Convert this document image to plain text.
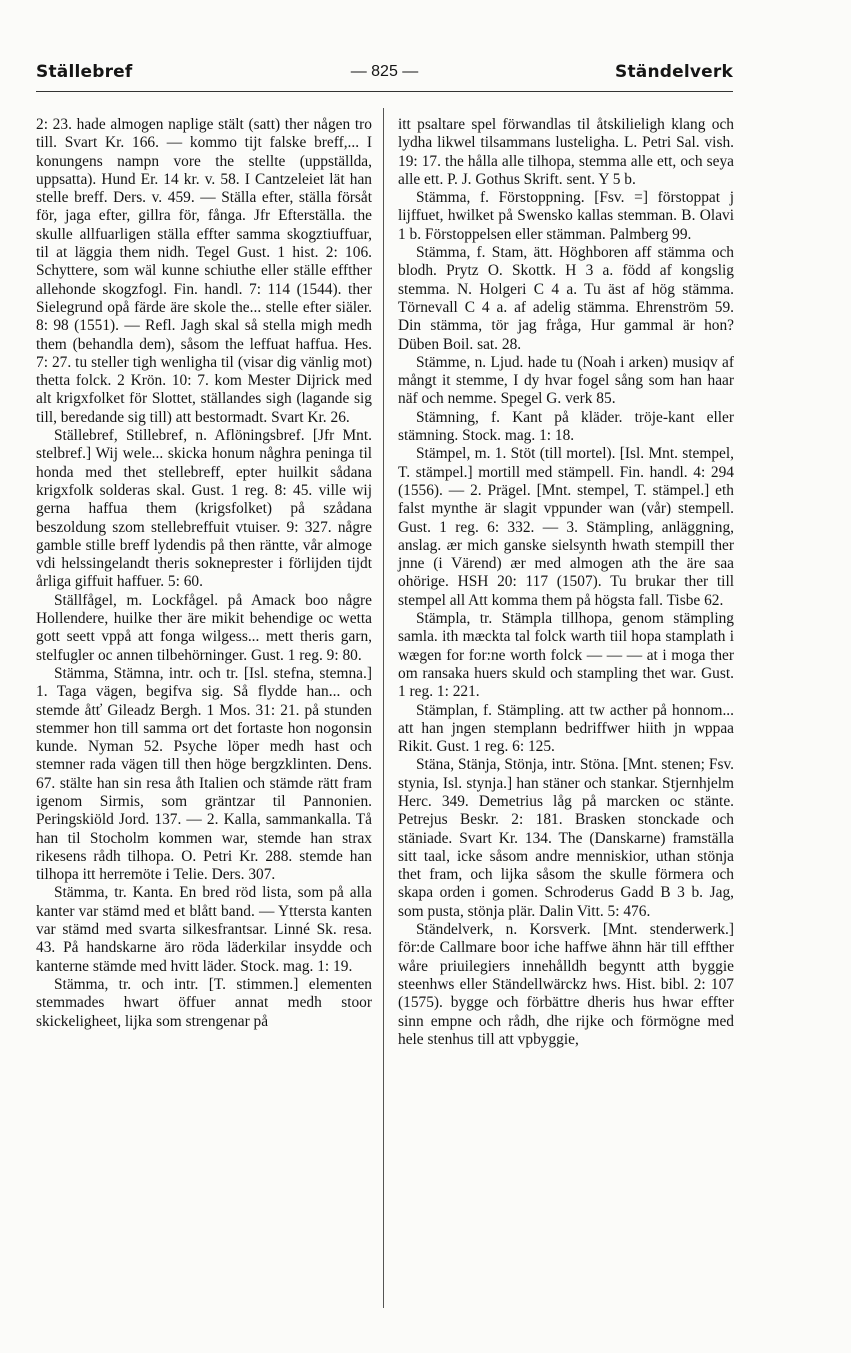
Ställebref	— 825 —	Ständelverk

2: 23. hade almogen naplige stält (satt) ther någen tro till. Svart Kr. 166. — kommo tijt falske breff,... I konungens nampn vore the stellte (uppställda, uppsatta). Hund Er. 14 kr. v. 58. I Cantzeleiet lät han stelle breff. Ders. v. 459. — Ställa efter, ställa försåt för, jaga efter, gillra för, fånga. Jfr Efterställa. the skulle allfuarligen ställa effter samma skogztiuffuar, til at läggia them nidh. Tegel Gust. 1 hist. 2: 106. Schyttere, som wäl kunne schiuthe eller ställe effther allehonde skogzfogl. Fin. handl. 7: 114 (1544). ther Sielegrund opå färde äre skole the... stelle efter siäler. 8: 98 (1551). — Refl. Jagh skal så stella migh medh them (behandla dem), såsom the leffuat haffua. Hes. 7: 27. tu steller tigh wenligha til (visar dig vänlig mot) thetta folck. 2 Krön. 10: 7. kom Mester Dijrick med alt krigxfolket för Slottet, ställandes sigh (lagande sig till, beredande sig till) att bestormadt. Svart Kr. 26.

Ställebref, Stillebref, n. Aflöningsbref. [Jfr Mnt. stelbref.] Wij wele... skicka honum någhra peninga til honda med thet stellebreff, epter huilkit sådana krigxfolk solderas skal. Gust. 1 reg. 8: 45. ville wij gerna haffua them (krigsfolket) på szådana beszoldung szom stellebreffuit vtuiser. 9: 327. någre gamble stille breff lydendis på then räntte, vår almoge vdi helssingelandt theris sokneprester i förlijden tijdt årliga giffuit haffuer. 5: 60.

Ställfågel, m. Lockfågel. på Amack boo någre Hollendere, huilke ther äre mikit behendige oc wetta gott seett vppå att fonga wilgess... mett theris garn, stelfugler oc annen tilbehörninger. Gust. 1 reg. 9: 80.

Stämma, Stämna, intr. och tr. [Isl. stefna, stemna.] 1. Taga vägen, begifva sig. Så flydde han... och stemde åtť Gileadz Bergh. 1 Mos. 31: 21. på stunden stemmer hon till samma ort det fortaste hon nogonsin kunde. Nyman 52. Psyche löper medh hast och stemner rada vägen till then höge bergzklinten. Dens. 67. stälte han sin resa åth Italien och stämde rätt fram igenom Sirmis, som gräntzar til Pannonien. Peringskiöld Jord. 137. — 2. Kalla, sammankalla. Tå han til Stocholm kommen war, stemde han strax rikesens rådh tilhopa. O. Petri Kr. 288. stemde han tilhopa itt herremöte i Telie. Ders. 307.

Stämma, tr. Kanta. En bred röd lista, som på alla kanter var stämd med et blått band. — Yttersta kanten var stämd med svarta silkesfrantsar. Linné Sk. resa. 43. På handskarne äro röda läderkilar insydde och kanterne stämde med hvitt läder. Stock. mag. 1: 19.

Stämma, tr. och intr. [T. stimmen.] elementen stemmades hwart öffuer annat medh stoor skickeligheet, lijka som strengenar på

itt psaltare spel förwandlas til åtskilieligh klang och lydha likwel tilsammans lusteligha. L. Petri Sal. vish. 19: 17. the hålla alle tilhopa, stemma alle ett, och seya alle ett. P. J. Gothus Skrift. sent. Y 5 b.

Stämma, f. Förstoppning. [Fsv. =] förstoppat j lijffuet, hwilket på Swensko kallas stemman. B. Olavi 1 b. Förstoppelsen eller stämman. Palmberg 99.

Stämma, f. Stam, ätt. Höghboren aff stämma och blodh. Prytz O. Skottk. H 3 a. född af kongslig stemma. N. Holgeri C 4 a. Tu äst af hög stämma. Törnevall C 4 a. af adelig stämma. Ehrenström 59. Din stämma, tör jag fråga, Hur gammal är hon? Düben Boil. sat. 28.

Stämme, n. Ljud. hade tu (Noah i arken) musiqv af mångt it stemme, I dy hvar fogel sång som han haar näf och nemme. Spegel G. verk 85.

Stämning, f. Kant på kläder. tröje-kant eller stämning. Stock. mag. 1: 18.

Stämpel, m. 1. Stöt (till mortel). [Isl. Mnt. stempel, T. stämpel.] mortill med stämpell. Fin. handl. 4: 294 (1556). — 2. Prägel. [Mnt. stempel, T. stämpel.] eth falst mynthe är slagit vppunder wan (vår) stempell. Gust. 1 reg. 6: 332. — 3. Stämpling, anläggning, anslag. ær mich ganske sielsynth hwath stempill ther jnne (i Värend) ær med almogen ath the äre saa ohörige. HSH 20: 117 (1507). Tu brukar ther till stempel all Att komma them på högsta fall. Tisbe 62.

Stämpla, tr. Stämpla tillhopa, genom stämpling samla. ith mæckta tal folck warth tiil hopa stamplath i wægen for for:ne worth folck — — — at i moga ther om ransaka huers skuld och stampling thet war. Gust. 1 reg. 1: 221.

Stämplan, f. Stämpling. att tw acther på honnom... att han jngen stemplann bedriffwer hiith jn wppaa Rikit. Gust. 1 reg. 6: 125.

Stäna, Stänja, Stönja, intr. Stöna. [Mnt. stenen; Fsv. stynia, Isl. stynja.] han stäner och stankar. Stjernhjelm Herc. 349. Demetrius låg på marcken oc stänte. Petrejus Beskr. 2: 181. Brasken stonckade och stäniade. Svart Kr. 134. The (Danskarne) framställa sitt taal, icke såsom andre menniskior, uthan stönja thet fram, och lijka såsom the skulle förmera och skapa orden i gomen. Schroderus Gadd B 3 b. Jag, som pusta, stönja plär. Dalin Vitt. 5: 476.

Ständelverk, n. Korsverk. [Mnt. stenderwerk.] för:de Callmare boor iche haffwe ähnn här till effther wåre priuilegiers innehålldh begyntt atth byggie steenhws eller Ständellwärckz hws. Hist. bibl. 2: 107 (1575). bygge och förbättre dheris hus hwar effter sinn empne och rådh, dhe rijke och förmögne med hele stenhus till att vpbyggie,
